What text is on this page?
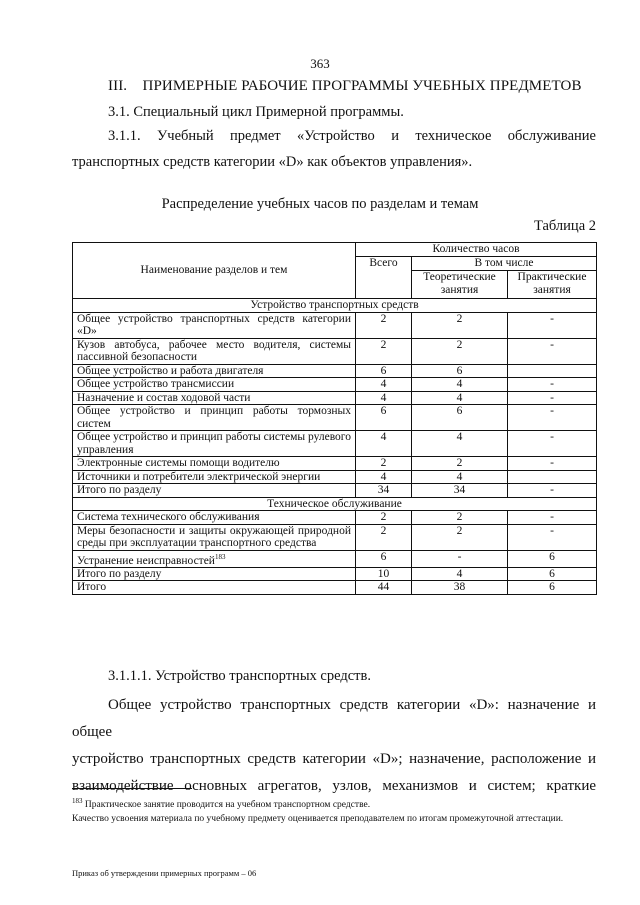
363
III. ПРИМЕРНЫЕ РАБОЧИЕ ПРОГРАММЫ УЧЕБНЫХ ПРЕДМЕТОВ
3.1. Специальный цикл Примерной программы.
3.1.1. Учебный предмет «Устройство и техническое обслуживание
транспортных средств категории «D» как объектов управления».
Распределение учебных часов по разделам и темам
Таблица 2
Наименование разделов и тем	Количество часов		
	Всего	В том числе	
		Теоретические занятия	Практические занятия
Устройство транспортных средств			
Общее устройство транспортных средств категории «D»	2	2	-
Кузов автобуса, рабочее место водителя, системы пассивной безопасности	2	2	-
Общее устройство и работа двигателя	6	6	
Общее устройство трансмиссии	4	4	-
Назначение и состав ходовой части	4	4	-
Общее устройство и принцип работы тормозных систем	6	6	-
Общее устройство и принцип работы системы рулевого управления	4	4	-
Электронные системы помощи водителю	2	2	-
Источники и потребители электрической энергии	4	4	
Итого по разделу	34	34	-
Техническое обслуживание			
Система технического обслуживания	2	2	-
Меры безопасности и защиты окружающей природной среды при эксплуатации транспортного средства	2	2	-
Устранение неисправностей$^{183}$	6	-	6
Итого по разделу	10	4	6
Итого	44	38	6
3.1.1.1. Устройство транспортных средств.
Общее устройство транспортных средств категории «D»: назначение и общее
устройство транспортных средств категории «D»; назначение, расположение и
взаимодействие основных агрегатов, узлов, механизмов и систем; краткие
$^{183}$ Практическое занятие проводится на учебном транспортном средстве.
Качество усвоения материала по учебному предмету оценивается преподавателем по итогам промежуточной аттестации.
Приказ об утверждении примерных программ – 06
